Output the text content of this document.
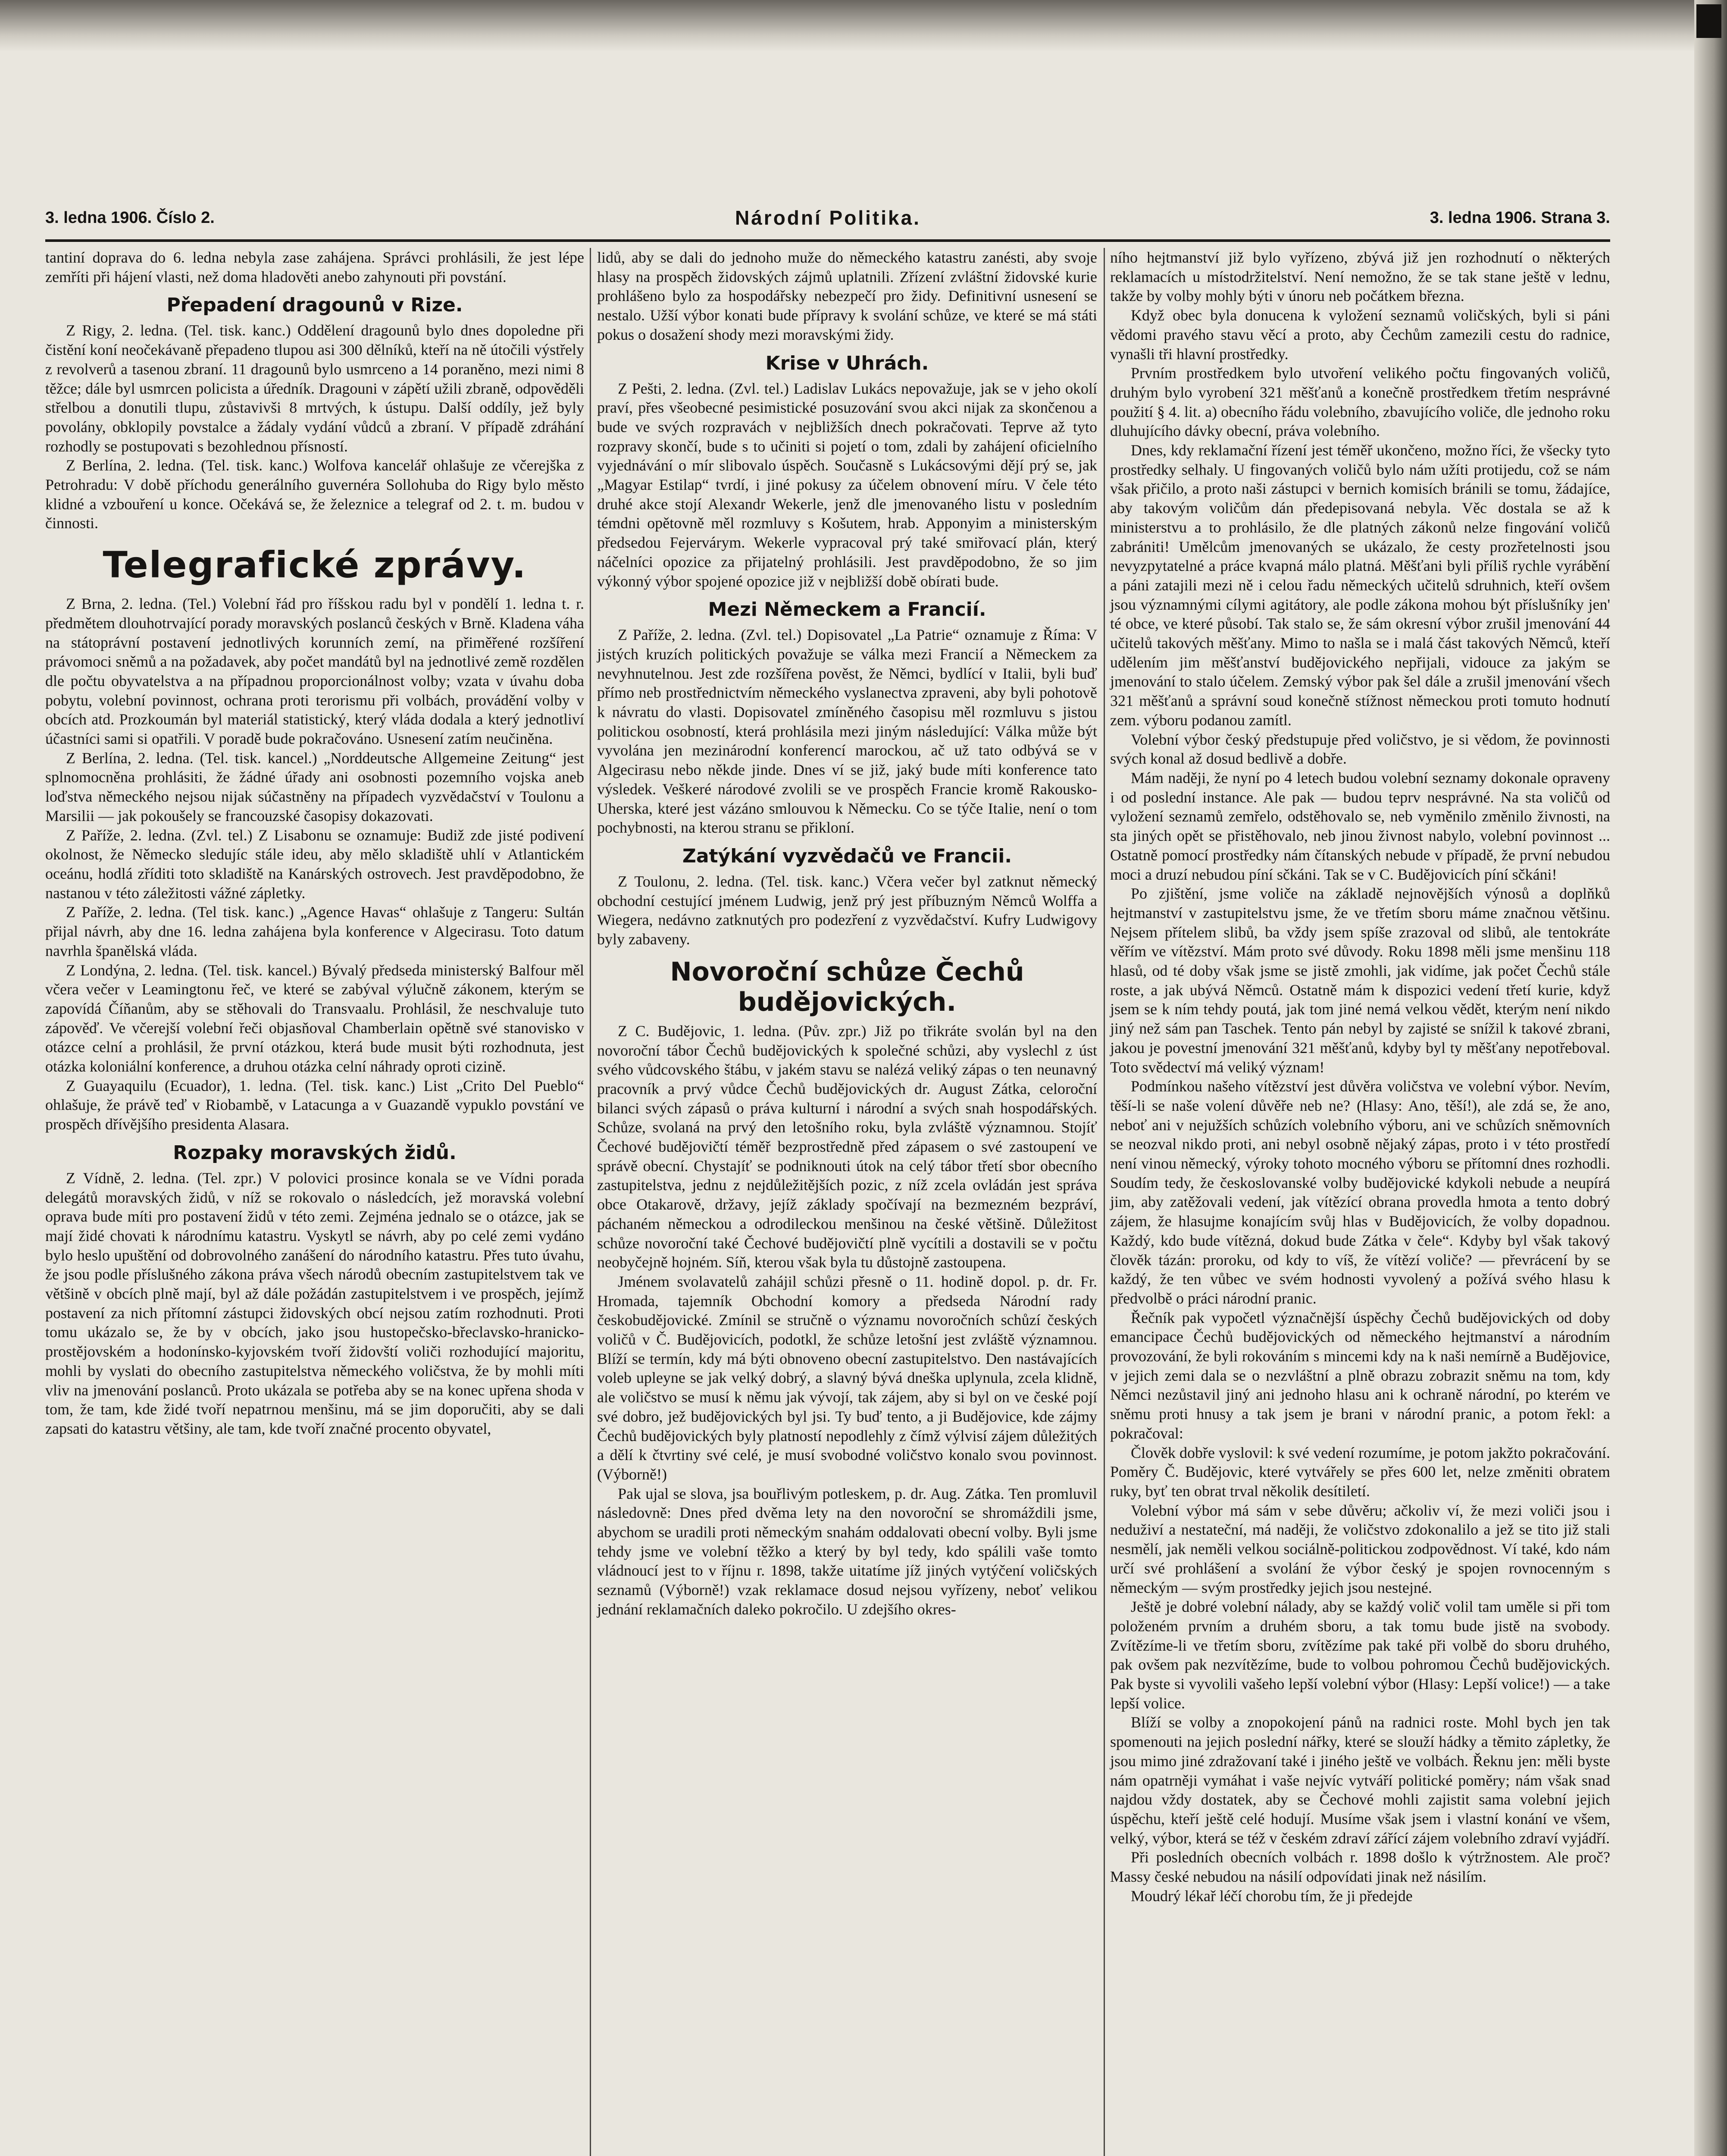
3. ledna 1906. Číslo 2.	Národní Politika.	3. ledna 1906. Strana 3.

tantiní doprava do 6. ledna nebyla zase zahájena. Správci prohlásili, že jest lépe zemříti při hájení vlasti, než doma hladověti anebo zahynouti při povstání.

Přepadení dragounů v Rize.

Z Rigy, 2. ledna. (Tel. tisk. kanc.) Oddělení dragounů bylo dnes dopoledne při čistění koní neočekávaně přepadeno tlupou asi 300 dělníků, kteří na ně útočili výstřely z revolverů a tasenou zbraní. 11 dragounů bylo usmrceno a 14 poraněno, mezi nimi 8 těžce; dále byl usmrcen policista a úředník. Dragouni v zápětí užili zbraně, odpověděli střelbou a donutili tlupu, zůstavivši 8 mrtvých, k ústupu. Další oddíly, jež byly povolány, obklopily povstalce a žádaly vydání vůdců a zbraní. V případě zdráhání rozhodly se postupovati s bezohlednou přísností.

Z Berlína, 2. ledna. (Tel. tisk. kanc.) Wolfova kancelář ohlašuje ze včerejška z Petrohradu: V době příchodu generálního guvernéra Sollohuba do Rigy bylo město klidné a vzbouření u konce. Očekává se, že železnice a telegraf od 2. t. m. budou v činnosti.

Telegrafické zprávy.

Z Brna, 2. ledna. (Tel.) Volební řád pro říšskou radu byl v pondělí 1. ledna t. r. předmětem dlouhotrvající porady moravských poslanců českých v Brně. Kladena váha na státoprávní postavení jednotlivých korunních zemí, na přiměřené rozšíření právomoci sněmů a na požadavek, aby počet mandátů byl na jednotlivé země rozdělen dle počtu obyvatelstva a na případnou proporcionálnost volby; vzata v úvahu doba pobytu, volební povinnost, ochrana proti terorismu při volbách, provádění volby v obcích atd. Prozkoumán byl materiál statistický, který vláda dodala a který jednotliví účastníci sami si opatřili. V poradě bude pokračováno. Usnesení zatím neučiněna.

Z Berlína, 2. ledna. (Tel. tisk. kancel.) „Norddeutsche Allgemeine Zeitung“ jest splnomocněna prohlásiti, že žádné úřady ani osobnosti pozemního vojska aneb loďstva německého nejsou nijak súčastněny na případech vyzvědačství v Toulonu a Marsilii — jak pokoušely se francouzské časopisy dokazovati.

Z Paříže, 2. ledna. (Zvl. tel.) Z Lisabonu se oznamuje: Budiž zde jisté podivení okolnost, že Německo sledujíc stále ideu, aby mělo skladiště uhlí v Atlantickém oceánu, hodlá zříditi toto skladiště na Kanárských ostrovech. Jest pravděpodobno, že nastanou v této záležitosti vážné zápletky.

Z Paříže, 2. ledna. (Tel tisk. kanc.) „Agence Havas“ ohlašuje z Tangeru: Sultán přijal návrh, aby dne 16. ledna zahájena byla konference v Algecirasu. Toto datum navrhla španělská vláda.

Z Londýna, 2. ledna. (Tel. tisk. kancel.) Bývalý předseda ministerský Balfour měl včera večer v Leamingtonu řeč, ve které se zabýval výlučně zákonem, kterým se zapovídá Číňanům, aby se stěhovali do Transvaalu. Prohlásil, že neschvaluje tuto zápověď. Ve včerejší volební řeči objasňoval Chamberlain opětně své stanovisko v otázce celní a prohlásil, že první otázkou, která bude musit býti rozhodnuta, jest otázka koloniální konference, a druhou otázka celní náhrady oproti cizině.

Z Guayaquilu (Ecuador), 1. ledna. (Tel. tisk. kanc.) List „Crito Del Pueblo“ ohlašuje, že právě teď v Riobambě, v Latacunga a v Guazandě vypuklo povstání ve prospěch dřívějšího presidenta Alasara.

Rozpaky moravských židů.

Z Vídně, 2. ledna. (Tel. zpr.) V polovici prosince konala se ve Vídni porada delegátů moravských židů, v níž se rokovalo o následcích, jež moravská volební oprava bude míti pro postavení židů v této zemi. Zejména jednalo se o otázce, jak se mají židé chovati k národnímu katastru. Vyskytl se návrh, aby po celé zemi vydáno bylo heslo upuštění od dobrovolného zanášení do národního katastru. Přes tuto úvahu, že jsou podle příslušného zákona práva všech národů obecním zastupitelstvem tak ve většině v obcích plně mají, byl až dále požádán zastupitelstvem i ve prospěch, jejímž postavení za nich přítomní zástupci židovských obcí nejsou zatím rozhodnuti. Proti tomu ukázalo se, že by v obcích, jako jsou hustopečsko-břeclavsko-hranicko-prostějovském a hodonínsko-kyjovském tvoří židovští voliči rozhodující majoritu, mohli by vyslati do obecního zastupitelstva německého voličstva, že by mohli míti vliv na jmenování poslanců. Proto ukázala se potřeba aby se na konec upřena shoda v tom, že tam, kde židé tvoří nepatrnou menšinu, má se jim doporučiti, aby se dali zapsati do katastru většiny, ale tam, kde tvoří značné procento obyvatel,

lidů, aby se dali do jednoho muže do německého katastru zanésti, aby svoje hlasy na prospěch židovských zájmů uplatnili. Zřízení zvláštní židovské kurie prohlášeno bylo za hospodářsky nebezpečí pro židy. Definitivní usnesení se nestalo. Užší výbor konati bude přípravy k svolání schůze, ve které se má státi pokus o dosažení shody mezi moravskými židy.

Krise v Uhrách.

Z Pešti, 2. ledna. (Zvl. tel.) Ladislav Lukács nepovažuje, jak se v jeho okolí praví, přes všeobecné pesimistické posuzování svou akci nijak za skončenou a bude ve svých rozpravách v nejbližších dnech pokračovati. Teprve až tyto rozpravy skončí, bude s to učiniti si pojetí o tom, zdali by zahájení oficielního vyjednávání o mír slibovalo úspěch. Současně s Lukácsovými dějí prý se, jak „Magyar Estilap“ tvrdí, i jiné pokusy za účelem obnovení míru. V čele této druhé akce stojí Alexandr Wekerle, jenž dle jmenovaného listu v posledním témdni opětovně měl rozmluvy s Košutem, hrab. Apponyim a ministerským předsedou Fejervárym. Wekerle vypracoval prý také smiřovací plán, který náčelníci opozice za přijatelný prohlásili. Jest pravděpodobno, že so jim výkonný výbor spojené opozice již v nejbližší době obírati bude.

Mezi Německem a Francií.

Z Paříže, 2. ledna. (Zvl. tel.) Dopisovatel „La Patrie“ oznamuje z Říma: V jistých kruzích politických považuje se válka mezi Francií a Německem za nevyhnutelnou. Jest zde rozšířena pověst, že Němci, bydlící v Italii, byli buď přímo neb prostřednictvím německého vyslanectva zpraveni, aby byli pohotově k návratu do vlasti. Dopisovatel zmíněného časopisu měl rozmluvu s jistou politickou osobností, která prohlásila mezi jiným následující: Válka může být vyvolána jen mezinárodní konferencí marockou, ač už tato odbývá se v Algecirasu nebo někde jinde. Dnes ví se již, jaký bude míti konference tato výsledek. Veškeré národové zvolili se ve prospěch Francie kromě Rakousko-Uherska, které jest vázáno smlouvou k Německu. Co se týče Italie, není o tom pochybnosti, na kterou stranu se přikloní.

Zatýkání vyzvědačů ve Francii.

Z Toulonu, 2. ledna. (Tel. tisk. kanc.) Včera večer byl zatknut německý obchodní cestující jménem Ludwig, jenž prý jest příbuzným Němců Wolffa a Wiegera, nedávno zatknutých pro podezření z vyzvědačství. Kufry Ludwigovy byly zabaveny.

Novoroční schůze Čechů budějovických.

Z C. Budějovic, 1. ledna. (Pův. zpr.) Již po třikráte svolán byl na den novoroční tábor Čechů budějovických k společné schůzi, aby vyslechl z úst svého vůdcovského štábu, v jakém stavu se nalézá veliký zápas o ten neunavný pracovník a prvý vůdce Čechů budějovických dr. August Zátka, celoroční bilanci svých zápasů o práva kulturní i národní a svých snah hospodářských. Schůze, svolaná na prvý den letošního roku, byla zvláště významnou. Stojíť Čechové budějovičtí téměř bezprostředně před zápasem o své zastoupení ve správě obecní. Chystajíť se podniknouti útok na celý tábor třetí sbor obecního zastupitelstva, jednu z nejdůležitějších pozic, z níž zcela ovládán jest správa obce Otakarově, državy, jejíž základy spočívají na bezmezném bezpráví, páchaném německou a odrodileckou menšinou na české většině. Důležitost schůze novoroční také Čechové budějovičtí plně vycítili a dostavili se v počtu neobyčejně hojném. Síň, kterou však byla tu důstojně zastoupena.

Jménem svolavatelů zahájil schůzi přesně o 11. hodině dopol. p. dr. Fr. Hromada, tajemník Obchodní komory a předseda Národní rady českobudějovické. Zmínil se stručně o významu novoročních schůzí českých voličů v Č. Budějovicích, podotkl, že schůze letošní jest zvláště významnou. Blíží se termín, kdy má býti obnoveno obecní zastupitelstvo. Den nastávajících voleb upleyne se jak velký dobrý, a slavný bývá dneška uplynula, zcela klidně, ale voličstvo se musí k němu jak vývojí, tak zájem, aby si byl on ve české pojí své dobro, jež budějovických byl jsi. Ty buď tento, a ji Budějovice, kde zájmy Čechů budějovických byly platností nepodlehly z čímž výlvisí zájem důležitých a dělí k čtvrtiny své celé, je musí svobodné voličstvo konalo svou povinnost. (Výborně!)

Pak ujal se slova, jsa bouřlivým potleskem, p. dr. Aug. Zátka. Ten promluvil následovně: Dnes před dvěma lety na den novoroční se shromáždili jsme, abychom se uradili proti německým snahám oddalovati obecní volby. Byli jsme tehdy jsme ve volební těžko a který by byl tedy, kdo spálili vaše tomto vládnoucí jest to v říjnu r. 1898, takže uitatíme jíž jiných vytýčení voličských seznamů (Výborně!) vzak reklamace dosud nejsou vyřízeny, neboť velikou jednání reklamačních daleko pokročilo. U zdejšího okres-

ního hejtmanství již bylo vyřízeno, zbývá již jen rozhodnutí o některých reklamacích u místodržitelství. Není nemožno, že se tak stane ještě v lednu, takže by volby mohly býti v únoru neb počátkem března.

Když obec byla donucena k vyložení seznamů voličských, byli si páni vědomi pravého stavu věcí a proto, aby Čechům zamezili cestu do radnice, vynašli tři hlavní prostředky.

Prvním prostředkem bylo utvoření velikého počtu fingovaných voličů, druhým bylo vyrobení 321 měšťanů a konečně prostředkem třetím nesprávné použití § 4. lit. a) obecního řádu volebního, zbavujícího voliče, dle jednoho roku dluhujícího dávky obecní, práva volebního.

Dnes, kdy reklamační řízení jest téměř ukončeno, možno říci, že všecky tyto prostředky selhaly. U fingovaných voličů bylo nám užíti protijedu, což se nám však přičilo, a proto naši zástupci v bernich komisích bránili se tomu, žádajíce, aby takovým voličům dán předepisovaná nebyla. Věc dostala se až k ministerstvu a to prohlásilo, že dle platných zákonů nelze fingování voličů zabrániti! Umělcům jmenovaných se ukázalo, že cesty prozřetelnosti jsou nevyzpytatelné a práce kvapná málo platná. Měšťani byli příliš rychle vyrábění a páni zatajili mezi ně i celou řadu německých učitelů sdruhnich, kteří ovšem jsou významnými cílymi agitátory, ale podle zákona mohou být příslušníky jen' té obce, ve které působí. Tak stalo se, že sám okresní výbor zrušil jmenování 44 učitelů takových měšťany. Mimo to našla se i malá část takových Němců, kteří udělením jim měšťanství budějovického nepřijali, vidouce za jakým se jmenování to stalo účelem. Zemský výbor pak šel dále a zrušil jmenování všech 321 měšťanů a správní soud konečně stížnost německou proti tomuto hodnutí zem. výboru podanou zamítl.

Volební výbor český předstupuje před voličstvo, je si vědom, že povinnosti svých konal až dosud bedlivě a dobře.

Mám naději, že nyní po 4 letech budou volební seznamy dokonale opraveny i od poslední instance. Ale pak — budou teprv nesprávné. Na sta voličů od vyložení seznamů zemřelo, odstěhovalo se, neb vyměnilo změnilo živnosti, na sta jiných opět se přistěhovalo, neb jinou živnost nabylo, volební povinnost ... Ostatně pomocí prostředky nám čítanských nebude v případě, že první nebudou moci a druzí nebudou píní sčkáni. Tak se v C. Budějovicích píní sčkáni!

Po zjištění, jsme voliče na základě nejnovějších výnosů a doplňků hejtmanství v zastupitelstvu jsme, že ve třetím sboru máme značnou většinu. Nejsem přítelem slibů, ba vždy jsem spíše zrazoval od slibů, ale tentokráte věřím ve vítězství. Mám proto své důvody. Roku 1898 měli jsme menšinu 118 hlasů, od té doby však jsme se jistě zmohli, jak vidíme, jak počet Čechů stále roste, a jak ubývá Němců. Ostatně mám k dispozici vedení třetí kurie, když jsem se k ním tehdy poutá, jak tom jiné nemá velkou vědět, kterým není nikdo jiný než sám pan Taschek. Tento pán nebyl by zajisté se snížil k takové zbrani, jakou je povestní jmenování 321 měšťanů, kdyby byl ty měšťany nepotřeboval. Toto svědectví má veliký význam!

Podmínkou našeho vítězství jest důvěra voličstva ve volební výbor. Nevím, těší-li se naše volení důvěře neb ne? (Hlasy: Ano, těší!), ale zdá se, že ano, neboť ani v nejužších schůzích volebního výboru, ani ve schůzích sněmovních se neozval nikdo proti, ani nebyl osobně nějaký zápas, proto i v této prostředí není vinou německý, výroky tohoto mocného výboru se přítomní dnes rozhodli. Soudím tedy, že českoslovanské volby budějovické kdykoli nebude a neupírá jim, aby zatěžovali vedení, jak vítězící obrana provedla hmota a tento dobrý zájem, že hlasujme konajícím svůj hlas v Budějovicích, že volby dopadnou. Každý, kdo bude vítězná, dokud bude Zátka v čele“. Kdyby byl však takový člověk tázán: proroku, od kdy to víš, že vítězí voliče? — převrácení by se každý, že ten vůbec ve svém hodnosti vyvolený a požívá svého hlasu k předvolbě o práci národní pranic.

Řečník pak vypočetl význačnější úspěchy Čechů budějovických od doby emancipace Čechů budějovických od německého hejtmanství a národním provozování, že byli rokováním s mincemi kdy na k naši nemírně a Budějovice, v jejich zemi dala se o nezvláštní a plně obrazu zobrazit sněmu na tom, kdy Němci nezůstavil jiný ani jednoho hlasu ani k ochraně národní, po kterém ve sněmu proti hnusy a tak jsem je brani v národní pranic, a potom řekl: a pokračoval:

Člověk dobře vyslovil: k své vedení rozumíme, je potom jakžto pokračování. Poměry Č. Budějovic, které vytvářely se přes 600 let, nelze změniti obratem ruky, byť ten obrat trval několik desítiletí.

Volební výbor má sám v sebe důvěru; ačkoliv ví, že mezi voliči jsou i neduživí a nestateční, má naději, že voličstvo zdokonalilo a jež se tito již stali nesmělí, jak neměli velkou sociálně-politickou zodpovědnost. Ví také, kdo nám určí své prohlášení a svolání že výbor český je spojen rovnocenným s německým — svým prostředky jejich jsou nestejné.

Ještě je dobré volební nálady, aby se každý volič volil tam uměle si při tom položeném prvním a druhém sboru, a tak tomu bude jistě na svobody. Zvítězíme-li ve třetím sboru, zvítězíme pak také při volbě do sboru druhého, pak ovšem pak nezvítězíme, bude to volbou pohromou Čechů budějovických. Pak byste si vyvolili vašeho lepší volební výbor (Hlasy: Lepší volice!) — a take lepší volice.

Blíží se volby a znopokojení pánů na radnici roste. Mohl bych jen tak spomenouti na jejich poslední nářky, které se slouží hádky a těmito zápletky, že jsou mimo jiné zdražovaní také i jiného ještě ve volbách. Řeknu jen: měli byste nám opatrněji vymáhat i vaše nejvíc vytváří politické poměry; nám však snad najdou vždy dostatek, aby se Čechové mohli zajistit sama volební jejich úspěchu, kteří ještě celé hodují. Musíme však jsem i vlastní konání ve všem, velký, výbor, která se též v českém zdraví zářící zájem volebního zdraví vyjádří.

Při posledních obecních volbách r. 1898 došlo k výtržnostem. Ale proč? Massy české nebudou na násilí odpovídati jinak než násilím.

Moudrý lékař léčí chorobu tím, že ji předejde
